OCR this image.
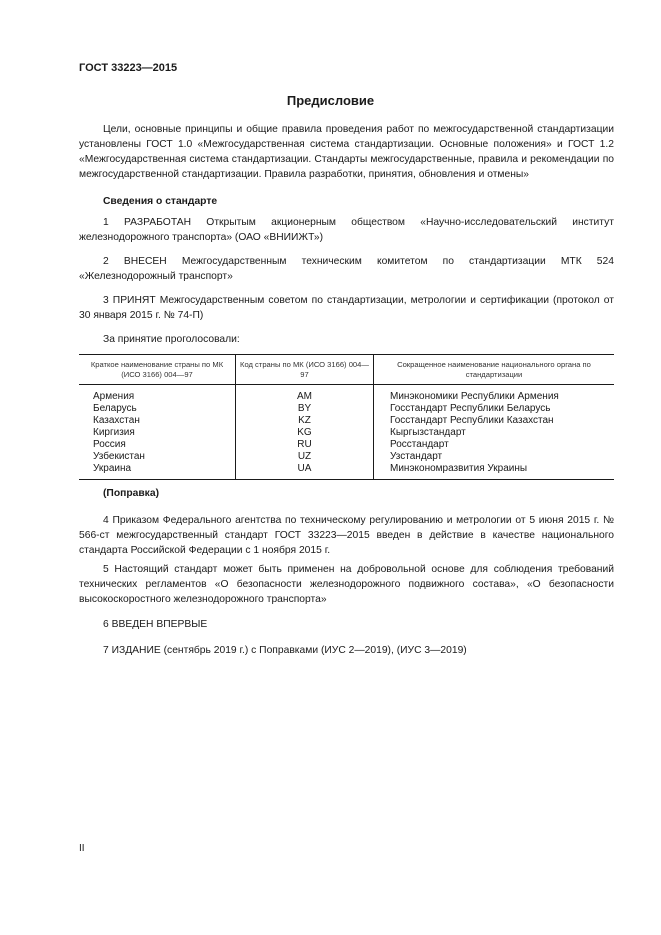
ГОСТ 33223—2015
Предисловие

Цели, основные принципы и общие правила проведения работ по межгосударственной стандартизации установлены ГОСТ 1.0 «Межгосударственная система стандартизации. Основные положения» и ГОСТ 1.2 «Межгосударственная система стандартизации. Стандарты межгосударственные, правила и рекомендации по межгосударственной стандартизации. Правила разработки, принятия, обновления и отмены»

Сведения о стандарте

1 РАЗРАБОТАН Открытым акционерным обществом «Научно-исследовательский институт железнодорожного транспорта» (ОАО «ВНИИЖТ»)

2 ВНЕСЕН Межгосударственным техническим комитетом по стандартизации МТК 524 «Железнодорожный транспорт»

3 ПРИНЯТ Межгосударственным советом по стандартизации, метрологии и сертификации (протокол от 30 января 2015 г. № 74-П)

За принятие проголосовали:

Краткое наименование страны по МК (ИСО 3166) 004—97	Код страны по МК (ИСО 3166) 004—97	Сокращенное наименование национального органа по стандартизации
Армения	AM	Минэкономики Республики Армения
Беларусь	BY	Госстандарт Республики Беларусь
Казахстан	KZ	Госстандарт Республики Казахстан
Киргизия	KG	Кыргызстандарт
Россия	RU	Росстандарт
Узбекистан	UZ	Узстандарт
Украина	UA	Минэкономразвития Украины
(Поправка)

4 Приказом Федерального агентства по техническому регулированию и метрологии от 5 июня 2015 г. № 566-ст межгосударственный стандарт ГОСТ 33223—2015 введен в действие в качестве национального стандарта Российской Федерации с 1 ноября 2015 г.

5 Настоящий стандарт может быть применен на добровольной основе для соблюдения требований технических регламентов «О безопасности железнодорожного подвижного состава», «О безопасности высокоскоростного железнодорожного транспорта»

6 ВВЕДЕН ВПЕРВЫЕ

7 ИЗДАНИЕ (сентябрь 2019 г.) с Поправками (ИУС 2—2019), (ИУС 3—2019)

II
